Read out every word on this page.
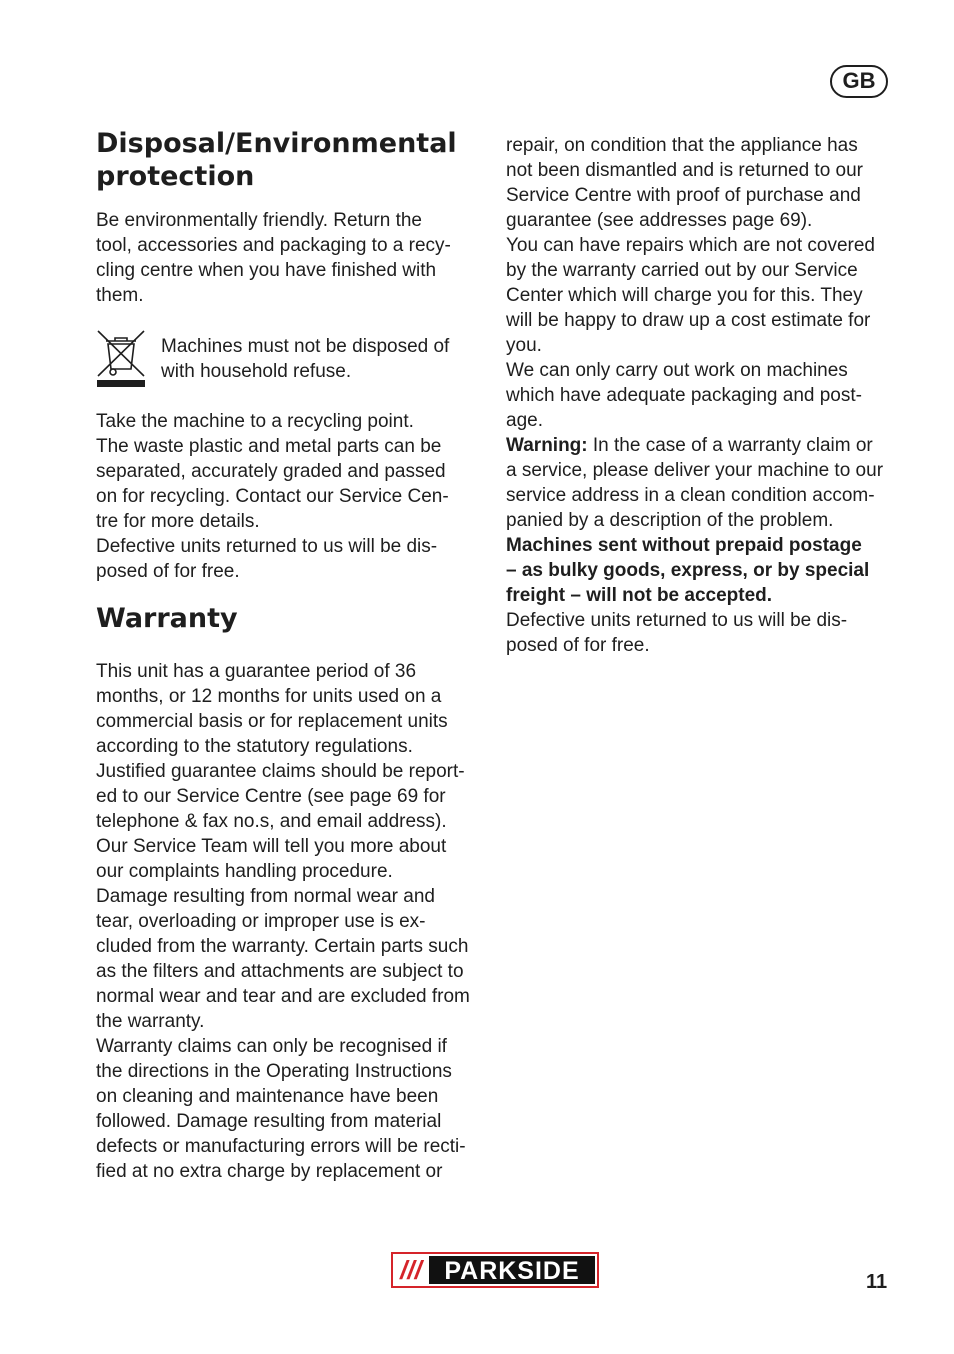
GB
Disposal/Environmental
protection

Be environmentally friendly. Return the
tool, accessories and packaging to a recy-
cling centre when you have finished with
them.

Machines must not be disposed of
with household refuse.

Take the machine to a recycling point.
The waste plastic and metal parts can be
separated, accurately graded and passed
on for recycling. Contact our Service Cen-
tre for more details.
Defective units returned to us will be dis-
posed of for free.

Warranty

This unit has a guarantee period of 36
months, or 12 months for units used on a
commercial basis or for replacement units
according to the statutory regulations.
Justified guarantee claims should be report-
ed to our Service Centre (see page 69 for
telephone & fax no.s, and email address).
Our Service Team will tell you more about
our complaints handling procedure.
Damage resulting from normal wear and
tear, overloading or improper use is ex-
cluded from the warranty. Certain parts such
as the filters and attachments are subject to
normal wear and tear and are excluded from
the warranty.
Warranty claims can only be recognised if
the directions in the Operating Instructions
on cleaning and maintenance have been
followed. Damage resulting from material
defects or manufacturing errors will be recti-
fied at no extra charge by replacement or

repair, on condition that the appliance has
not been dismantled and is returned to our
Service Centre with proof of purchase and
guarantee (see addresses page 69).
You can have repairs which are not covered
by the warranty carried out by our Service
Center which will charge you for this. They
will be happy to draw up a cost estimate for
you.
We can only carry out work on machines
which have adequate packaging and post-
age.
Warning: In the case of a warranty claim or
a service, please deliver your machine to our
service address in a clean condition accom-
panied by a description of the problem.
Machines sent without prepaid postage
– as bulky goods, express, or by special
freight – will not be accepted.
Defective units returned to us will be dis-
posed of for free.

/// PARKSIDE	11
